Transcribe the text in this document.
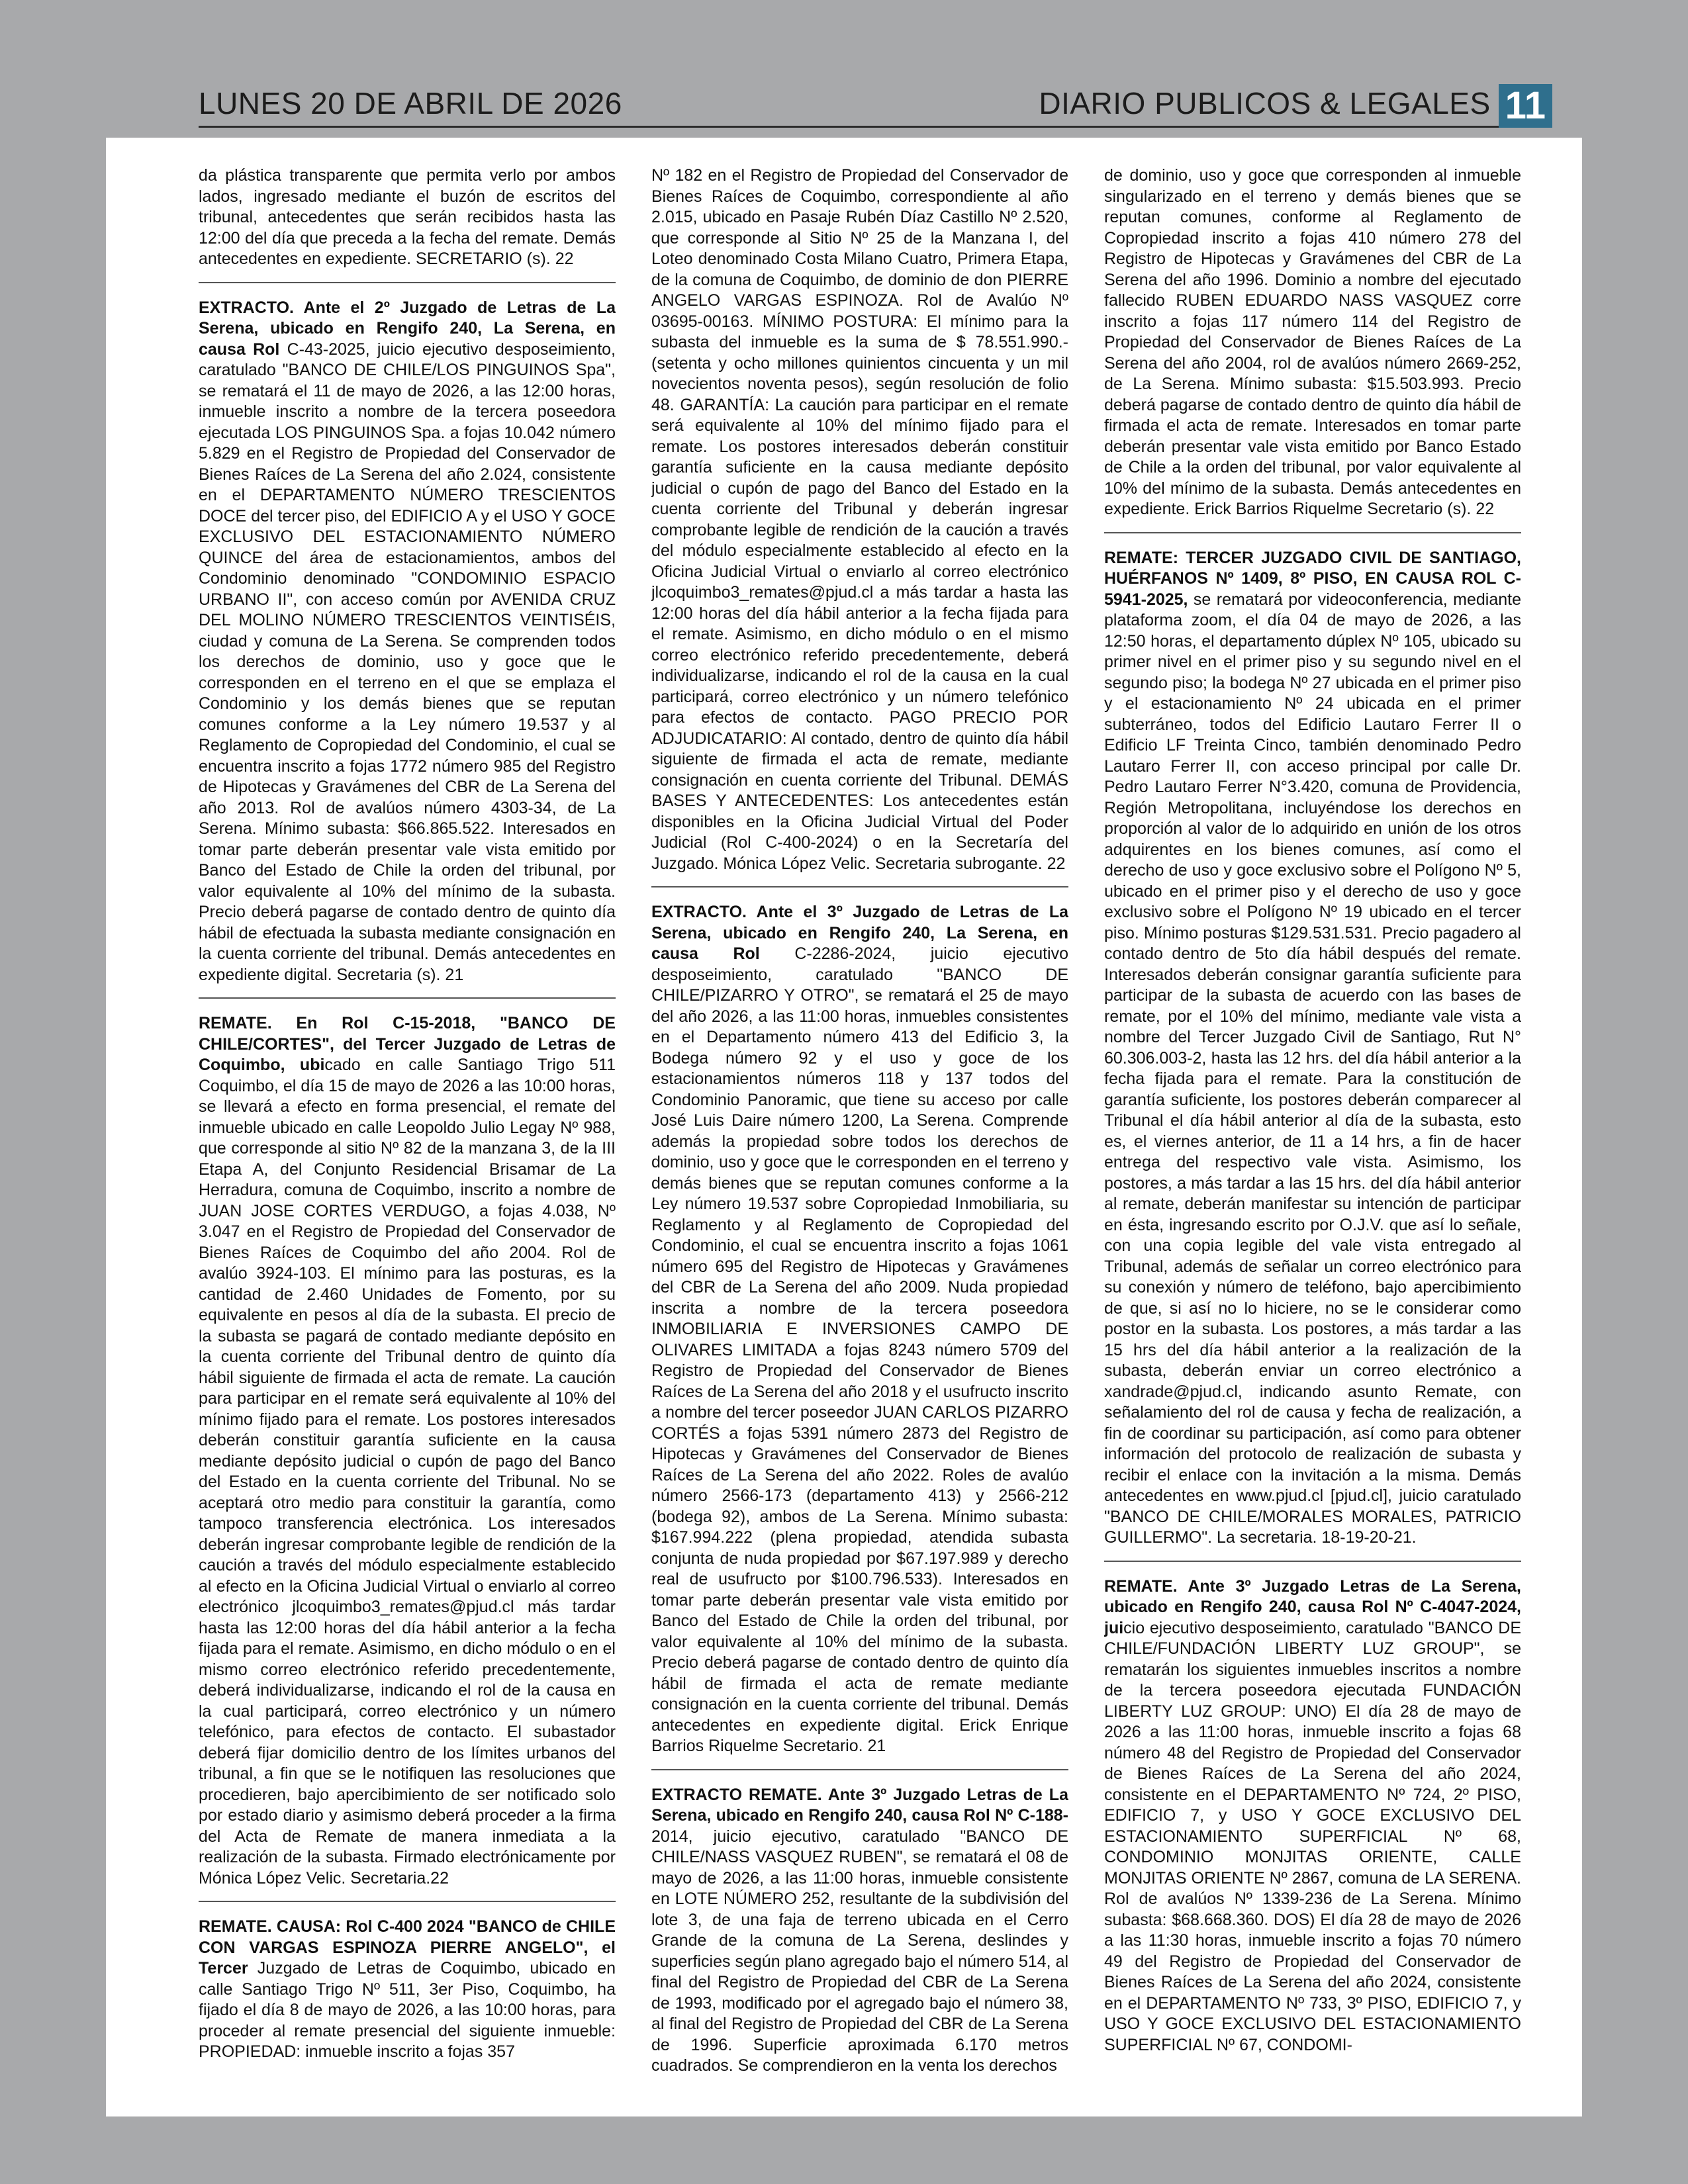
LUNES 20 DE ABRIL DE 2026	DIARIO PUBLICOS & LEGALES 11

da plástica transparente que permita verlo por ambos lados, ingresado mediante el buzón de escritos del tribunal, antecedentes que serán recibidos hasta las 12:00 del día que preceda a la fecha del remate. Demás antecedentes en expediente. SECRETARIO (s). 22

EXTRACTO. Ante el 2º Juzgado de Letras de La Serena, ubicado en Rengifo 240, La Serena, en causa Rol C-43-2025, juicio ejecutivo desposeimiento, caratulado "BANCO DE CHILE/LOS PINGUINOS Spa", se rematará el 11 de mayo de 2026, a las 12:00 horas, inmueble inscrito a nombre de la tercera poseedora ejecutada LOS PINGUINOS Spa. a fojas 10.042 número 5.829 en el Registro de Propiedad del Conservador de Bienes Raíces de La Serena del año 2.024, consistente en el DEPARTAMENTO NÚMERO TRESCIENTOS DOCE del tercer piso, del EDIFICIO A y el USO Y GOCE EXCLUSIVO DEL ESTACIONAMIENTO NÚMERO QUINCE del área de estacionamientos, ambos del Condominio denominado "CONDOMINIO ESPACIO URBANO II", con acceso común por AVENIDA CRUZ DEL MOLINO NÚMERO TRESCIENTOS VEINTISÉIS, ciudad y comuna de La Serena. Se comprenden todos los derechos de dominio, uso y goce que le corresponden en el terreno en el que se emplaza el Condominio y los demás bienes que se reputan comunes conforme a la Ley número 19.537 y al Reglamento de Copropiedad del Condominio, el cual se encuentra inscrito a fojas 1772 número 985 del Registro de Hipotecas y Gravámenes del CBR de La Serena del año 2013. Rol de avalúos número 4303-34, de La Serena. Mínimo subasta: $66.865.522. Interesados en tomar parte deberán presentar vale vista emitido por Banco del Estado de Chile la orden del tribunal, por valor equivalente al 10% del mínimo de la subasta. Precio deberá pagarse de contado dentro de quinto día hábil de efectuada la subasta mediante consignación en la cuenta corriente del tribunal. Demás antecedentes en expediente digital. Secretaria (s). 21

REMATE. En Rol C-15-2018, "BANCO DE CHILE/CORTES", del Tercer Juzgado de Letras de Coquimbo, ubicado en calle Santiago Trigo 511 Coquimbo, el día 15 de mayo de 2026 a las 10:00 horas, se llevará a efecto en forma presencial, el remate del inmueble ubicado en calle Leopoldo Julio Legay Nº 988, que corresponde al sitio Nº 82 de la manzana 3, de la III Etapa A, del Conjunto Residencial Brisamar de La Herradura, comuna de Coquimbo, inscrito a nombre de JUAN JOSE CORTES VERDUGO, a fojas 4.038, Nº 3.047 en el Registro de Propiedad del Conservador de Bienes Raíces de Coquimbo del año 2004. Rol de avalúo 3924-103. El mínimo para las posturas, es la cantidad de 2.460 Unidades de Fomento, por su equivalente en pesos al día de la subasta. El precio de la subasta se pagará de contado mediante depósito en la cuenta corriente del Tribunal dentro de quinto día hábil siguiente de firmada el acta de remate. La caución para participar en el remate será equivalente al 10% del mínimo fijado para el remate. Los postores interesados deberán constituir garantía suficiente en la causa mediante depósito judicial o cupón de pago del Banco del Estado en la cuenta corriente del Tribunal. No se aceptará otro medio para constituir la garantía, como tampoco transferencia electrónica. Los interesados deberán ingresar comprobante legible de rendición de la caución a través del módulo especialmente establecido al efecto en la Oficina Judicial Virtual o enviarlo al correo electrónico jlcoquimbo3_remates@pjud.cl más tardar hasta las 12:00 horas del día hábil anterior a la fecha fijada para el remate. Asimismo, en dicho módulo o en el mismo correo electrónico referido precedentemente, deberá individualizarse, indicando el rol de la causa en la cual participará, correo electrónico y un número telefónico, para efectos de contacto. El subastador deberá fijar domicilio dentro de los límites urbanos del tribunal, a fin que se le notifiquen las resoluciones que procedieren, bajo apercibimiento de ser notificado solo por estado diario y asimismo deberá proceder a la firma del Acta de Remate de manera inmediata a la realización de la subasta. Firmado electrónicamente por Mónica López Velic. Secretaria.22

REMATE. CAUSA: Rol C-400 2024 "BANCO de CHILE CON VARGAS ESPINOZA PIERRE ANGELO", el Tercer Juzgado de Letras de Coquimbo, ubicado en calle Santiago Trigo Nº 511, 3er Piso, Coquimbo, ha fijado el día 8 de mayo de 2026, a las 10:00 horas, para proceder al remate presencial del siguiente inmueble: PROPIEDAD: inmueble inscrito a fojas 357

Nº 182 en el Registro de Propiedad del Conservador de Bienes Raíces de Coquimbo, correspondiente al año 2.015, ubicado en Pasaje Rubén Díaz Castillo Nº 2.520, que corresponde al Sitio Nº 25 de la Manzana I, del Loteo denominado Costa Milano Cuatro, Primera Etapa, de la comuna de Coquimbo, de dominio de don PIERRE ANGELO VARGAS ESPINOZA. Rol de Avalúo Nº 03695-00163. MÍNIMO POSTURA: El mínimo para la subasta del inmueble es la suma de $ 78.551.990.- (setenta y ocho millones quinientos cincuenta y un mil novecientos noventa pesos), según resolución de folio 48. GARANTÍA: La caución para participar en el remate será equivalente al 10% del mínimo fijado para el remate. Los postores interesados deberán constituir garantía suficiente en la causa mediante depósito judicial o cupón de pago del Banco del Estado en la cuenta corriente del Tribunal y deberán ingresar comprobante legible de rendición de la caución a través del módulo especialmente establecido al efecto en la Oficina Judicial Virtual o enviarlo al correo electrónico jlcoquimbo3_remates@pjud.cl a más tardar a hasta las 12:00 horas del día hábil anterior a la fecha fijada para el remate. Asimismo, en dicho módulo o en el mismo correo electrónico referido precedentemente, deberá individualizarse, indicando el rol de la causa en la cual participará, correo electrónico y un número telefónico para efectos de contacto. PAGO PRECIO POR ADJUDICATARIO: Al contado, dentro de quinto día hábil siguiente de firmada el acta de remate, mediante consignación en cuenta corriente del Tribunal. DEMÁS BASES Y ANTECEDENTES: Los antecedentes están disponibles en la Oficina Judicial Virtual del Poder Judicial (Rol C-400-2024) o en la Secretaría del Juzgado. Mónica López Velic. Secretaria subrogante. 22

EXTRACTO. Ante el 3º Juzgado de Letras de La Serena, ubicado en Rengifo 240, La Serena, en causa Rol C-2286-2024, juicio ejecutivo desposeimiento, caratulado "BANCO DE CHILE/PIZARRO Y OTRO", se rematará el 25 de mayo del año 2026, a las 11:00 horas, inmuebles consistentes en el Departamento número 413 del Edificio 3, la Bodega número 92 y el uso y goce de los estacionamientos números 118 y 137 todos del Condominio Panoramic, que tiene su acceso por calle José Luis Daire número 1200, La Serena. Comprende además la propiedad sobre todos los derechos de dominio, uso y goce que le corresponden en el terreno y demás bienes que se reputan comunes conforme a la Ley número 19.537 sobre Copropiedad Inmobiliaria, su Reglamento y al Reglamento de Copropiedad del Condominio, el cual se encuentra inscrito a fojas 1061 número 695 del Registro de Hipotecas y Gravámenes del CBR de La Serena del año 2009. Nuda propiedad inscrita a nombre de la tercera poseedora INMOBILIARIA E INVERSIONES CAMPO DE OLIVARES LIMITADA a fojas 8243 número 5709 del Registro de Propiedad del Conservador de Bienes Raíces de La Serena del año 2018 y el usufructo inscrito a nombre del tercer poseedor JUAN CARLOS PIZARRO CORTÉS a fojas 5391 número 2873 del Registro de Hipotecas y Gravámenes del Conservador de Bienes Raíces de La Serena del año 2022. Roles de avalúo número 2566-173 (departamento 413) y 2566-212 (bodega 92), ambos de La Serena. Mínimo subasta: $167.994.222 (plena propiedad, atendida subasta conjunta de nuda propiedad por $67.197.989 y derecho real de usufructo por $100.796.533). Interesados en tomar parte deberán presentar vale vista emitido por Banco del Estado de Chile la orden del tribunal, por valor equivalente al 10% del mínimo de la subasta. Precio deberá pagarse de contado dentro de quinto día hábil de firmada el acta de remate mediante consignación en la cuenta corriente del tribunal. Demás antecedentes en expediente digital. Erick Enrique Barrios Riquelme Secretario. 21

EXTRACTO REMATE. Ante 3º Juzgado Letras de La Serena, ubicado en Rengifo 240, causa Rol Nº C-188-2014, juicio ejecutivo, caratulado "BANCO DE CHILE/NASS VASQUEZ RUBEN", se rematará el 08 de mayo de 2026, a las 11:00 horas, inmueble consistente en LOTE NÚMERO 252, resultante de la subdivisión del lote 3, de una faja de terreno ubicada en el Cerro Grande de la comuna de La Serena, deslindes y superficies según plano agregado bajo el número 514, al final del Registro de Propiedad del CBR de La Serena de 1993, modificado por el agregado bajo el número 38, al final del Registro de Propiedad del CBR de La Serena de 1996. Superficie aproximada 6.170 metros cuadrados. Se comprendieron en la venta los derechos

de dominio, uso y goce que corresponden al inmueble singularizado en el terreno y demás bienes que se reputan comunes, conforme al Reglamento de Copropiedad inscrito a fojas 410 número 278 del Registro de Hipotecas y Gravámenes del CBR de La Serena del año 1996. Dominio a nombre del ejecutado fallecido RUBEN EDUARDO NASS VASQUEZ corre inscrito a fojas 117 número 114 del Registro de Propiedad del Conservador de Bienes Raíces de La Serena del año 2004, rol de avalúos número 2669-252, de La Serena. Mínimo subasta: $15.503.993. Precio deberá pagarse de contado dentro de quinto día hábil de firmada el acta de remate. Interesados en tomar parte deberán presentar vale vista emitido por Banco Estado de Chile a la orden del tribunal, por valor equivalente al 10% del mínimo de la subasta. Demás antecedentes en expediente. Erick Barrios Riquelme Secretario (s). 22

REMATE: TERCER JUZGADO CIVIL DE SANTIAGO, HUÉRFANOS Nº 1409, 8º PISO, EN CAUSA ROL C-5941-2025, se rematará por videoconferencia, mediante plataforma zoom, el día 04 de mayo de 2026, a las 12:50 horas, el departamento dúplex Nº 105, ubicado su primer nivel en el primer piso y su segundo nivel en el segundo piso; la bodega Nº 27 ubicada en el primer piso y el estacionamiento Nº 24 ubicada en el primer subterráneo, todos del Edificio Lautaro Ferrer II o Edificio LF Treinta Cinco, también denominado Pedro Lautaro Ferrer II, con acceso principal por calle Dr. Pedro Lautaro Ferrer N°3.420, comuna de Providencia, Región Metropolitana, incluyéndose los derechos en proporción al valor de lo adquirido en unión de los otros adquirentes en los bienes comunes, así como el derecho de uso y goce exclusivo sobre el Polígono Nº 5, ubicado en el primer piso y el derecho de uso y goce exclusivo sobre el Polígono Nº 19 ubicado en el tercer piso. Mínimo posturas $129.531.531. Precio pagadero al contado dentro de 5to día hábil después del remate. Interesados deberán consignar garantía suficiente para participar de la subasta de acuerdo con las bases de remate, por el 10% del mínimo, mediante vale vista a nombre del Tercer Juzgado Civil de Santiago, Rut N° 60.306.003-2, hasta las 12 hrs. del día hábil anterior a la fecha fijada para el remate. Para la constitución de garantía suficiente, los postores deberán comparecer al Tribunal el día hábil anterior al día de la subasta, esto es, el viernes anterior, de 11 a 14 hrs, a fin de hacer entrega del respectivo vale vista. Asimismo, los postores, a más tardar a las 15 hrs. del día hábil anterior al remate, deberán manifestar su intención de participar en ésta, ingresando escrito por O.J.V. que así lo señale, con una copia legible del vale vista entregado al Tribunal, además de señalar un correo electrónico para su conexión y número de teléfono, bajo apercibimiento de que, si así no lo hiciere, no se le considerar como postor en la subasta. Los postores, a más tardar a las 15 hrs del día hábil anterior a la realización de la subasta, deberán enviar un correo electrónico a xandrade@pjud.cl, indicando asunto Remate, con señalamiento del rol de causa y fecha de realización, a fin de coordinar su participación, así como para obtener información del protocolo de realización de subasta y recibir el enlace con la invitación a la misma. Demás antecedentes en www.pjud.cl [pjud.cl], juicio caratulado "BANCO DE CHILE/MORALES MORALES, PATRICIO GUILLERMO". La secretaria. 18-19-20-21.

REMATE. Ante 3º Juzgado Letras de La Serena, ubicado en Rengifo 240, causa Rol Nº C-4047-2024, juicio ejecutivo desposeimiento, caratulado "BANCO DE CHILE/FUNDACIÓN LIBERTY LUZ GROUP", se rematarán los siguientes inmuebles inscritos a nombre de la tercera poseedora ejecutada FUNDACIÓN LIBERTY LUZ GROUP: UNO) El día 28 de mayo de 2026 a las 11:00 horas, inmueble inscrito a fojas 68 número 48 del Registro de Propiedad del Conservador de Bienes Raíces de La Serena del año 2024, consistente en el DEPARTAMENTO Nº 724, 2º PISO, EDIFICIO 7, y USO Y GOCE EXCLUSIVO DEL ESTACIONAMIENTO SUPERFICIAL Nº 68, CONDOMINIO MONJITAS ORIENTE, CALLE MONJITAS ORIENTE Nº 2867, comuna de LA SERENA. Rol de avalúos Nº 1339-236 de La Serena. Mínimo subasta: $68.668.360. DOS) El día 28 de mayo de 2026 a las 11:30 horas, inmueble inscrito a fojas 70 número 49 del Registro de Propiedad del Conservador de Bienes Raíces de La Serena del año 2024, consistente en el DEPARTAMENTO Nº 733, 3º PISO, EDIFICIO 7, y USO Y GOCE EXCLUSIVO DEL ESTACIONAMIENTO SUPERFICIAL Nº 67, CONDOMI-
